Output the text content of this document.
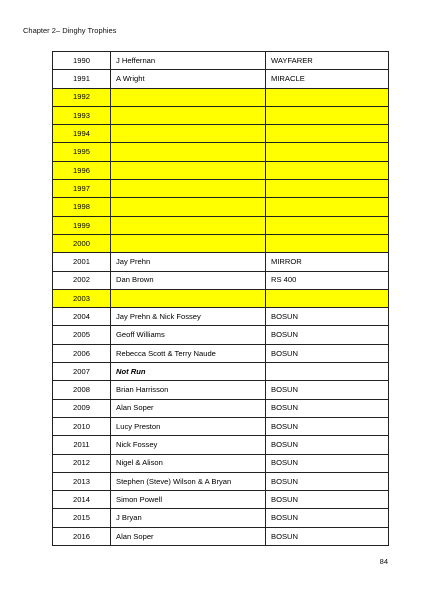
Chapter 2– Dinghy Trophies
1990	J Heffernan	WAYFARER
1991	A Wright	MIRACLE
1992		
1993		
1994		
1995		
1996		
1997		
1998		
1999		
2000		
2001	Jay Prehn	MIRROR
2002	Dan Brown	RS 400
2003		
2004	Jay Prehn & Nick Fossey	BOSUN
2005	Geoff Williams	BOSUN
2006	Rebecca Scott & Terry Naude	BOSUN
2007	Not Run	
2008	Brian Harrisson	BOSUN
2009	Alan Soper	BOSUN
2010	Lucy Preston	BOSUN
2011	Nick Fossey	BOSUN
2012	Nigel & Alison	BOSUN
2013	Stephen (Steve) Wilson & A Bryan	BOSUN
2014	Simon Powell	BOSUN
2015	J Bryan	BOSUN
2016	Alan Soper	BOSUN
84
